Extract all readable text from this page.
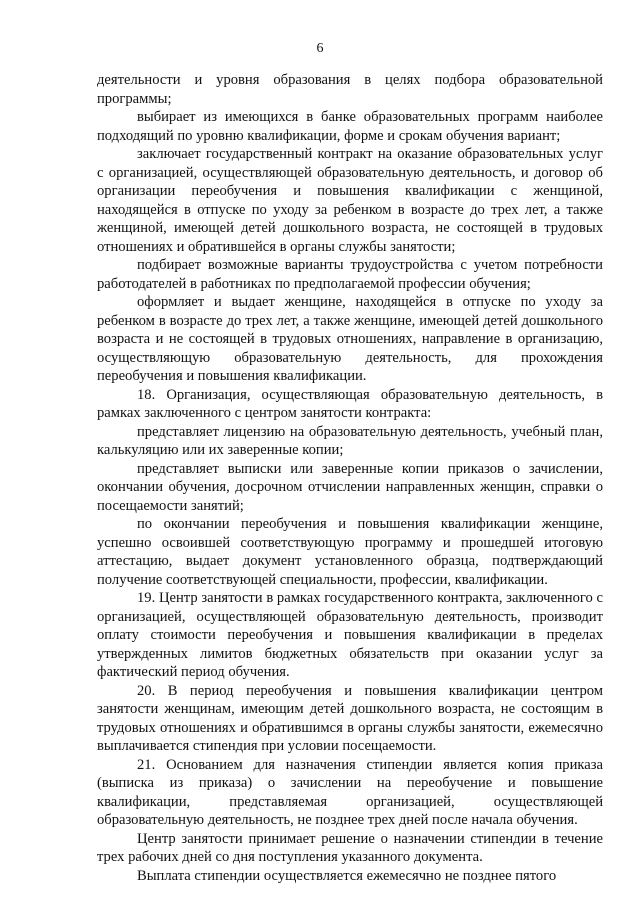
6

деятельности и уровня образования в целях подбора образовательной программы;

выбирает из имеющихся в банке образовательных программ наиболее подходящий по уровню квалификации, форме и срокам обучения вариант;

заключает государственный контракт на оказание образовательных услуг с организацией, осуществляющей образовательную деятельность, и договор об организации переобучения и повышения квалификации с женщиной, находящейся в отпуске по уходу за ребенком в возрасте до трех лет, а также женщиной, имеющей детей дошкольного возраста, не состоящей в трудовых отношениях и обратившейся в органы службы занятости;

подбирает возможные варианты трудоустройства с учетом потребности работодателей в работниках по предполагаемой профессии обучения;

оформляет и выдает женщине, находящейся в отпуске по уходу за ребенком в возрасте до трех лет, а также женщине, имеющей детей дошкольного возраста и не состоящей в трудовых отношениях, направление в организацию, осуществляющую образовательную деятельность, для прохождения переобучения и повышения квалификации.

18. Организация, осуществляющая образовательную деятельность, в рамках заключенного с центром занятости контракта:

представляет лицензию на образовательную деятельность, учебный план, калькуляцию или их заверенные копии;

представляет выписки или заверенные копии приказов о зачислении, окончании обучения, досрочном отчислении направленных женщин, справки о посещаемости занятий;

по окончании переобучения и повышения квалификации женщине, успешно освоившей соответствующую программу и прошедшей итоговую аттестацию, выдает документ установленного образца, подтверждающий получение соответствующей специальности, профессии, квалификации.

19. Центр занятости в рамках государственного контракта, заключенного с организацией, осуществляющей образовательную деятельность, производит оплату стоимости переобучения и повышения квалификации в пределах утвержденных лимитов бюджетных обязательств при оказании услуг за фактический период обучения.

20. В период переобучения и повышения квалификации центром занятости женщинам, имеющим детей дошкольного возраста, не состоящим в трудовых отношениях и обратившимся в органы службы занятости, ежемесячно выплачивается стипендия при условии посещаемости.

21. Основанием для назначения стипендии является копия приказа (выписка из приказа) о зачислении на переобучение и повышение квалификации, представляемая организацией, осуществляющей образовательную деятельность, не позднее трех дней после начала обучения.

Центр занятости принимает решение о назначении стипендии в течение трех рабочих дней со дня поступления указанного документа.

Выплата стипендии осуществляется ежемесячно не позднее пятого
